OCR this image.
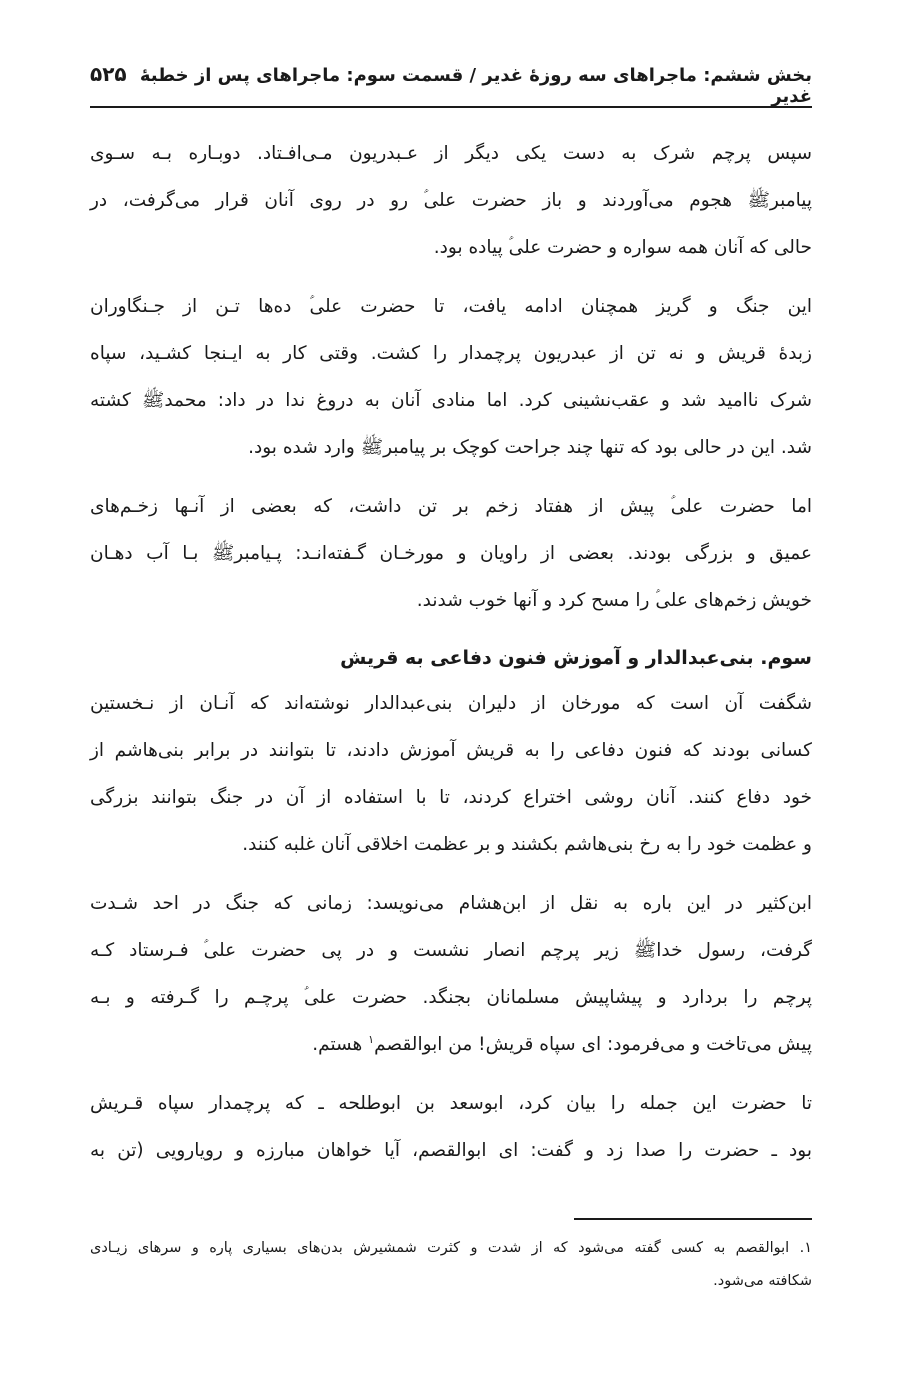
بخش ششم: ماجراهای سه روزهٔ غدیر / قسمت سوم: ماجراهای پس از خطبهٔ غدیر
۵۲۵

سپس پرچم شرک به دست یکی دیگر از عـبدریون مـی‌افـتاد. دوبـاره بـه سـوی
پیامبرﷺ هجوم می‌آوردند و باز حضرت علی‌ؑ رو در روی آنان قرار می‌گرفت، در
حالی که آنان همه سواره و حضرت علی‌ؑ پیاده بود.

این جنگ و گریز همچنان ادامه یافت، تا حضرت علی‌ؑ ده‌ها تـن از جـنگاوران
زبدهٔ قریش و نه تن از عبدریون پرچمدار را کشت. وقتی کار به ایـنجا کشـید، سپاه
شرک ناامید شد و عقب‌نشینی کرد. اما منادی آنان به دروغ ندا در داد: محمدﷺ کشته
شد. این در حالی بود که تنها چند جراحت کوچک بر پیامبرﷺ وارد شده بود.

اما حضرت علی‌ؑ پیش از هفتاد زخم بر تن داشت، که بعضی از آنـها زخـم‌های
عمیق و بزرگی بودند. بعضی از راویان و مورخـان گـفته‌انـد: پـیامبرﷺ بـا آب دهـان
خویش زخم‌های علی‌ؑ را مسح کرد و آنها خوب شدند.

سوم. بنی‌عبدالدار و آموزش فنون دفاعی به قریش

شگفت آن است که مورخان از دلیران بنی‌عبدالدار نوشته‌اند که آنـان از نـخستین
کسانی بودند که فنون دفاعی را به قریش آموزش دادند، تا بتوانند در برابر بنی‌هاشم از
خود دفاع کنند. آنان روشی اختراع کردند، تا با استفاده از آن در جنگ بتوانند بزرگی
و عظمت خود را به رخ بنی‌هاشم بکشند و بر عظمت اخلاقی آنان غلبه کنند.

ابن‌کثیر در این باره به نقل از ابن‌هشام می‌نویسد: زمانی که جنگ در احد شـدت
گرفت، رسول خداﷺ زیر پرچم انصار نشست و در پی حضرت علی‌ؑ فـرستاد کـه
پرچم را بردارد و پیشاپیش مسلمانان بجنگد. حضرت علی‌ؑ پرچـم را گـرفته و بـه
پیش می‌تاخت و می‌فرمود: ای سپاه قریش! من ابوالقصم$^۱$ هستم.

تا حضرت این جمله را بیان کرد، ابوسعد بن ابوطلحه ـ که پرچمدار سپاه قـریش
بود ـ حضرت را صدا زد و گفت: ای ابوالقصم، آیا خواهان مبارزه و رویارویی (تن به

۱. ابوالقصم به کسی گفته می‌شود که از شدت و کثرت شمشیرش بدن‌های بسیاری پاره و سرهای زیـادی
شکافته می‌شود.
